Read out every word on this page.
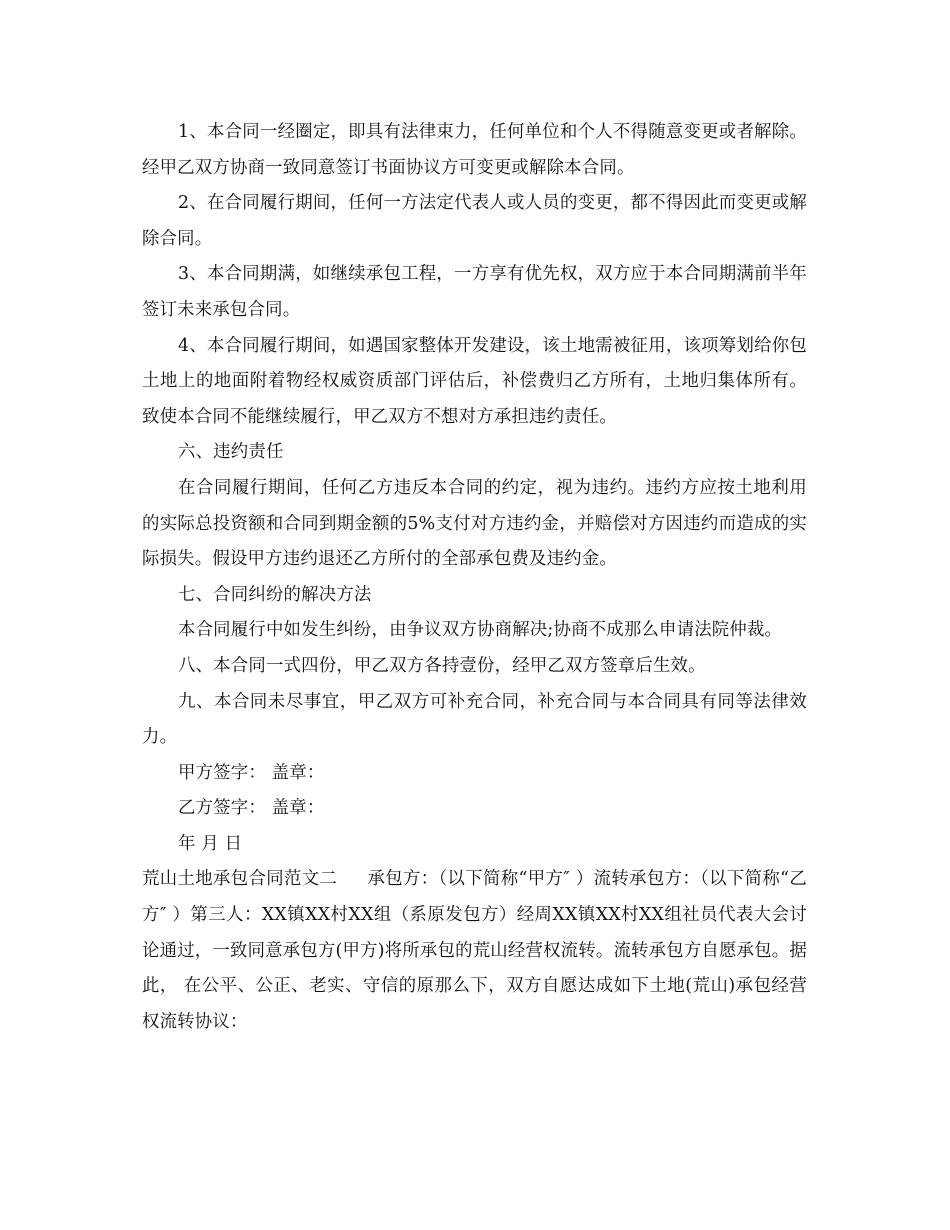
1、本合同一经圈定，即具有法律束力，任何单位和个人不得随意变更或者解除。经甲乙双方协商一致同意签订书面协议方可变更或解除本合同。

2、在合同履行期间，任何一方法定代表人或人员的变更，都不得因此而变更或解除合同。

3、本合同期满，如继续承包工程，一方享有优先权，双方应于本合同期满前半年签订未来承包合同。

4、本合同履行期间，如遇国家整体开发建设，该土地需被征用，该项筹划给你包土地上的地面附着物经权威资质部门评估后，补偿费归乙方所有，土地归集体所有。致使本合同不能继续履行，甲乙双方不想对方承担违约责任。

六、违约责任

在合同履行期间，任何乙方违反本合同的约定，视为违约。违约方应按土地利用的实际总投资额和合同到期金额的5%支付对方违约金，并赔偿对方因违约而造成的实际损失。假设甲方违约退还乙方所付的全部承包费及违约金。

七、合同纠纷的解决方法

本合同履行中如发生纠纷，由争议双方协商解决;协商不成那么申请法院仲裁。

八、本合同一式四份，甲乙双方各持壹份，经甲乙双方签章后生效。

九、本合同未尽事宜，甲乙双方可补充合同，补充合同与本合同具有同等法律效力。

甲方签字： 盖章：

乙方签字： 盖章：

年 月 日

荒山土地承包合同范文二 承包方：（以下简称“甲方″ ）流转承包方：（以下简称“乙方″ ）第三人：XX镇XX村XX组（系原发包方）经周XX镇XX村XX组社员代表大会讨论通过，一致同意承包方(甲方)将所承包的荒山经营权流转。流转承包方自愿承包。据此， 在公平、公正、老实、守信的原那么下，双方自愿达成如下土地(荒山)承包经营权流转协议：
